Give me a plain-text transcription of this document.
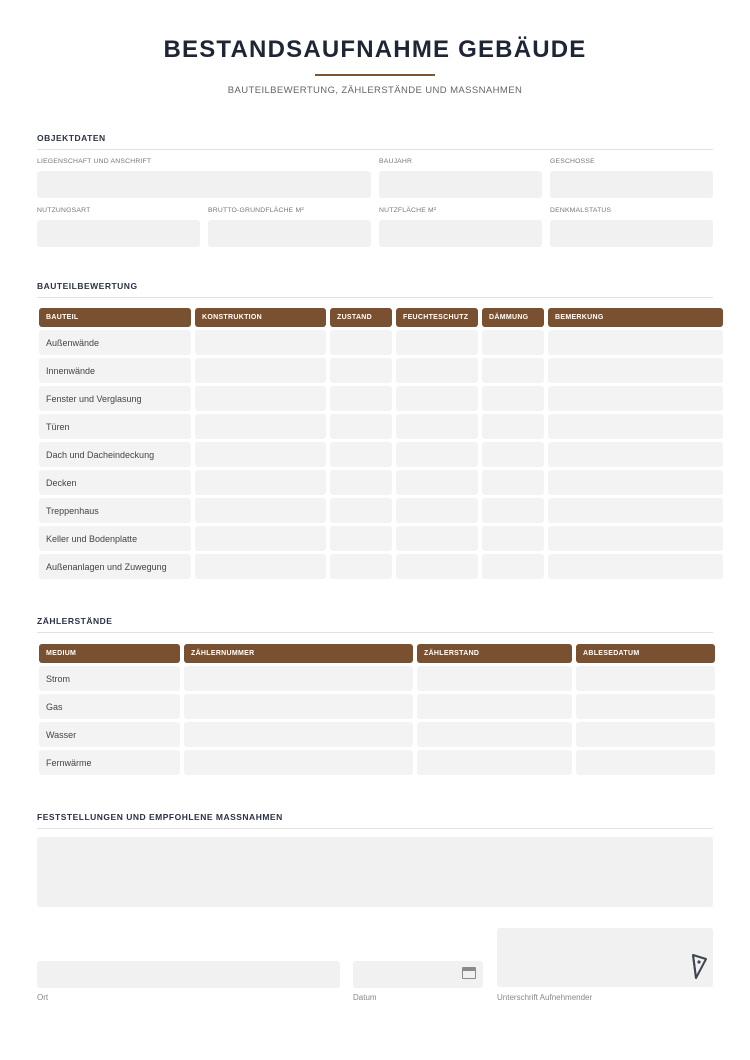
BESTANDSAUFNAHME GEBÄUDE
BAUTEILBEWERTUNG, ZÄHLERSTÄNDE UND MASSNAHMEN
OBJEKTDATEN
LIEGENSCHAFT UND ANSCHRIFT	BAUJAHR	GESCHOSSE
NUTZUNGSART	BRUTTO-GRUNDFLÄCHE M²	NUTZFLÄCHE M²	DENKMALSTATUS
BAUTEILBEWERTUNG
BAUTEIL	KONSTRUKTION	ZUSTAND	FEUCHTESCHUTZ	DÄMMUNG	BEMERKUNG
Außenwände					
Innenwände					
Fenster und Verglasung					
Türen					
Dach und Dacheindeckung					
Decken					
Treppenhaus					
Keller und Bodenplatte					
Außenanlagen und Zuwegung					
ZÄHLERSTÄNDE
MEDIUM	ZÄHLERNUMMER	ZÄHLERSTAND	ABLESEDATUM
Strom			
Gas			
Wasser			
Fernwärme			
FESTSTELLUNGEN UND EMPFOHLENE MASSNAHMEN
Ort	Datum	Unterschrift Aufnehmender
